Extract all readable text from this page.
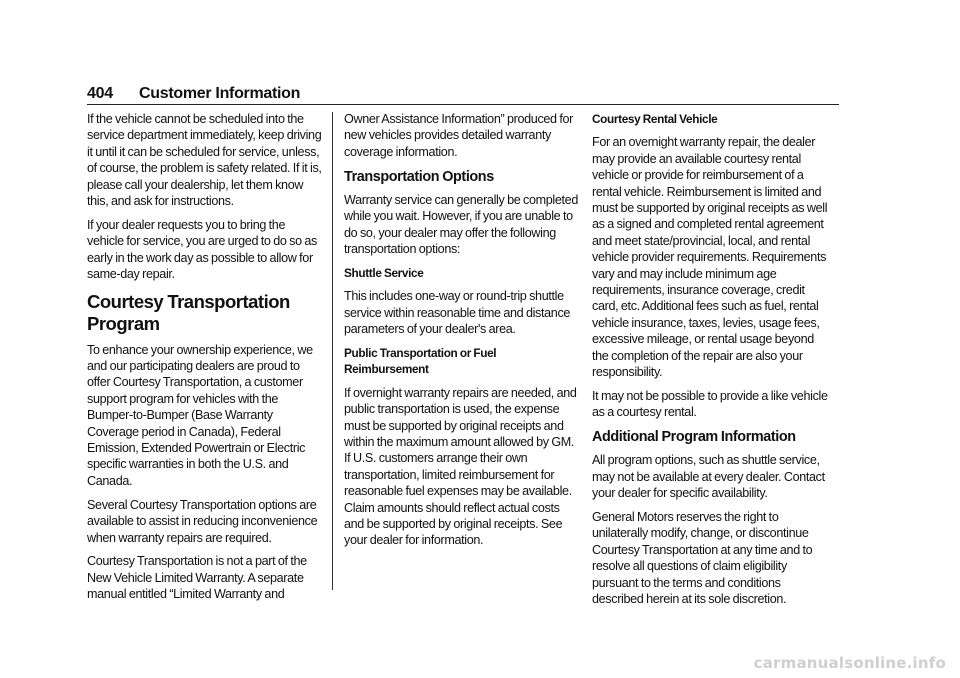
404 Customer Information

If the vehicle cannot be scheduled into the service department immediately, keep driving it until it can be scheduled for service, unless, of course, the problem is safety related. If it is, please call your dealership, let them know this, and ask for instructions.

If your dealer requests you to bring the vehicle for service, you are urged to do so as early in the work day as possible to allow for same-day repair.

Courtesy Transportation Program

To enhance your ownership experience, we and our participating dealers are proud to offer Courtesy Transportation, a customer support program for vehicles with the Bumper-to-Bumper (Base Warranty Coverage period in Canada), Federal Emission, Extended Powertrain or Electric specific warranties in both the U.S. and Canada.

Several Courtesy Transportation options are available to assist in reducing inconvenience when warranty repairs are required.

Courtesy Transportation is not a part of the New Vehicle Limited Warranty. A separate manual entitled “Limited Warranty and

Owner Assistance Information” produced for new vehicles provides detailed warranty coverage information.

Transportation Options

Warranty service can generally be completed while you wait. However, if you are unable to do so, your dealer may offer the following transportation options:

Shuttle Service

This includes one-way or round-trip shuttle service within reasonable time and distance parameters of your dealer's area.

Public Transportation or Fuel Reimbursement

If overnight warranty repairs are needed, and public transportation is used, the expense must be supported by original receipts and within the maximum amount allowed by GM. If U.S. customers arrange their own transportation, limited reimbursement for reasonable fuel expenses may be available. Claim amounts should reflect actual costs and be supported by original receipts. See your dealer for information.

Courtesy Rental Vehicle

For an overnight warranty repair, the dealer may provide an available courtesy rental vehicle or provide for reimbursement of a rental vehicle. Reimbursement is limited and must be supported by original receipts as well as a signed and completed rental agreement and meet state/provincial, local, and rental vehicle provider requirements. Requirements vary and may include minimum age requirements, insurance coverage, credit card, etc. Additional fees such as fuel, rental vehicle insurance, taxes, levies, usage fees, excessive mileage, or rental usage beyond the completion of the repair are also your responsibility.

It may not be possible to provide a like vehicle as a courtesy rental.

Additional Program Information

All program options, such as shuttle service, may not be available at every dealer. Contact your dealer for specific availability.

General Motors reserves the right to unilaterally modify, change, or discontinue Courtesy Transportation at any time and to resolve all questions of claim eligibility pursuant to the terms and conditions described herein at its sole discretion.

carmanualsonline.info
